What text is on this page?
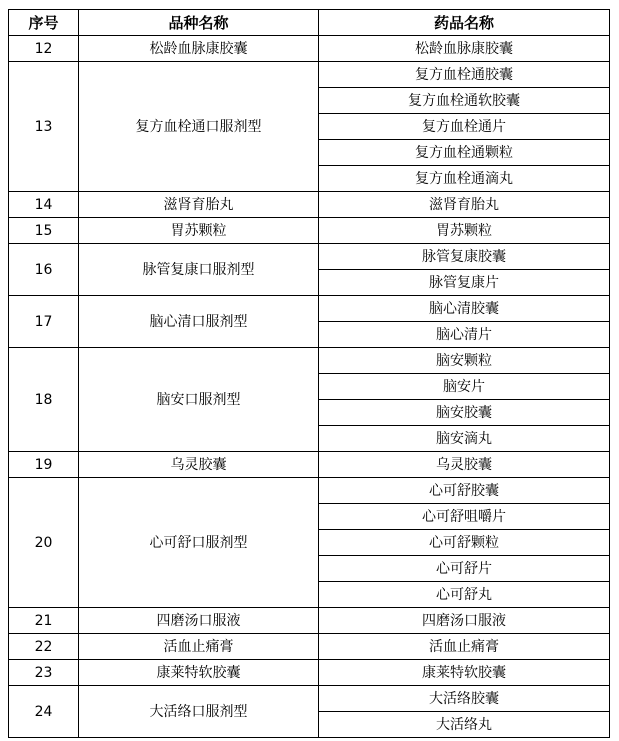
序号	品种名称	药品名称
12	松龄血脉康胶囊	松龄血脉康胶囊
13	复方血栓通口服剂型	复方血栓通胶囊
		复方血栓通软胶囊
		复方血栓通片
		复方血栓通颗粒
		复方血栓通滴丸
14	滋肾育胎丸	滋肾育胎丸
15	胃苏颗粒	胃苏颗粒
16	脉管复康口服剂型	脉管复康胶囊
		脉管复康片
17	脑心清口服剂型	脑心清胶囊
		脑心清片
18	脑安口服剂型	脑安颗粒
		脑安片
		脑安胶囊
		脑安滴丸
19	乌灵胶囊	乌灵胶囊
20	心可舒口服剂型	心可舒胶囊
		心可舒咀嚼片
		心可舒颗粒
		心可舒片
		心可舒丸
21	四磨汤口服液	四磨汤口服液
22	活血止痛膏	活血止痛膏
23	康莱特软胶囊	康莱特软胶囊
24	大活络口服剂型	大活络胶囊
		大活络丸
